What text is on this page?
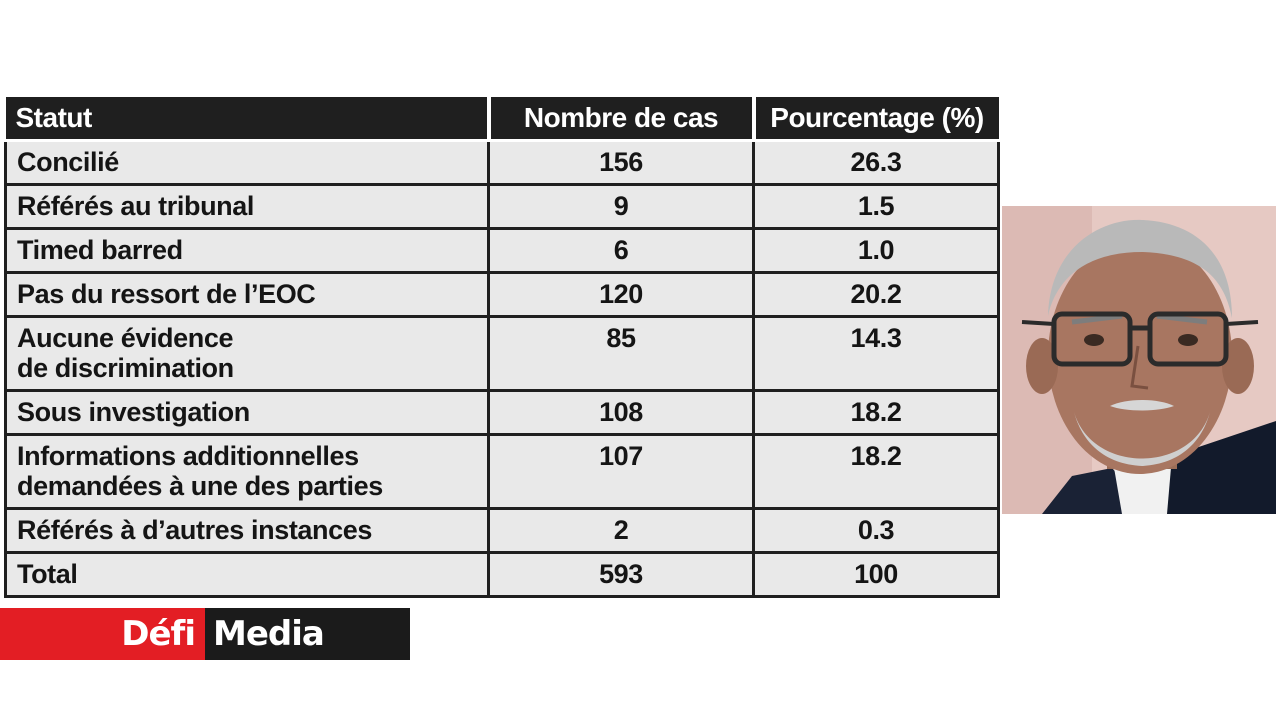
Statut	Nombre de cas	Pourcentage (%)
Concilié	156	26.3
Référés au tribunal	9	1.5
Timed barred	6	1.0
Pas du ressort de l’EOC	120	20.2
Aucune évidence
de discrimination	85	14.3
Sous investigation	108	18.2
Informations additionnelles
demandées à une des parties	107	18.2
Référés à d’autres instances	2	0.3
Total	593	100
Défi Media
